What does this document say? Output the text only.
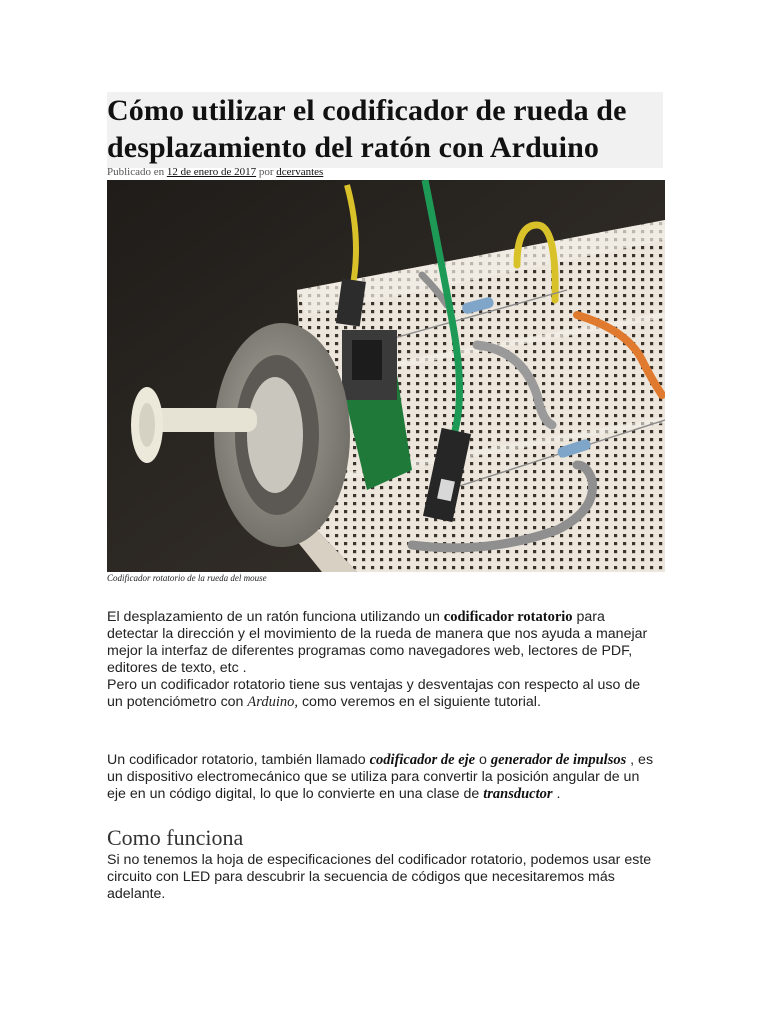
Cómo utilizar el codificador de rueda de
desplazamiento del ratón con Arduino
Publicado en 12 de enero de 2017 por dcervantes
Codificador rotatorio de la rueda del mouse

El desplazamiento de un ratón funciona utilizando un codificador rotatorio para
detectar la dirección y el movimiento de la rueda de manera que nos ayuda a manejar
mejor la interfaz de diferentes programas como navegadores web, lectores de PDF,
editores de texto, etc .
Pero un codificador rotatorio tiene sus ventajas y desventajas con respecto al uso de
un potenciómetro con Arduino, como veremos en el siguiente tutorial.

Un codificador rotatorio, también llamado codificador de eje o generador de impulsos , es
un dispositivo electromecánico que se utiliza para convertir la posición angular de un
eje en un código digital, lo que lo convierte en una clase de transductor .

Como funciona

Si no tenemos la hoja de especificaciones del codificador rotatorio, podemos usar este
circuito con LED para descubrir la secuencia de códigos que necesitaremos más
adelante.
